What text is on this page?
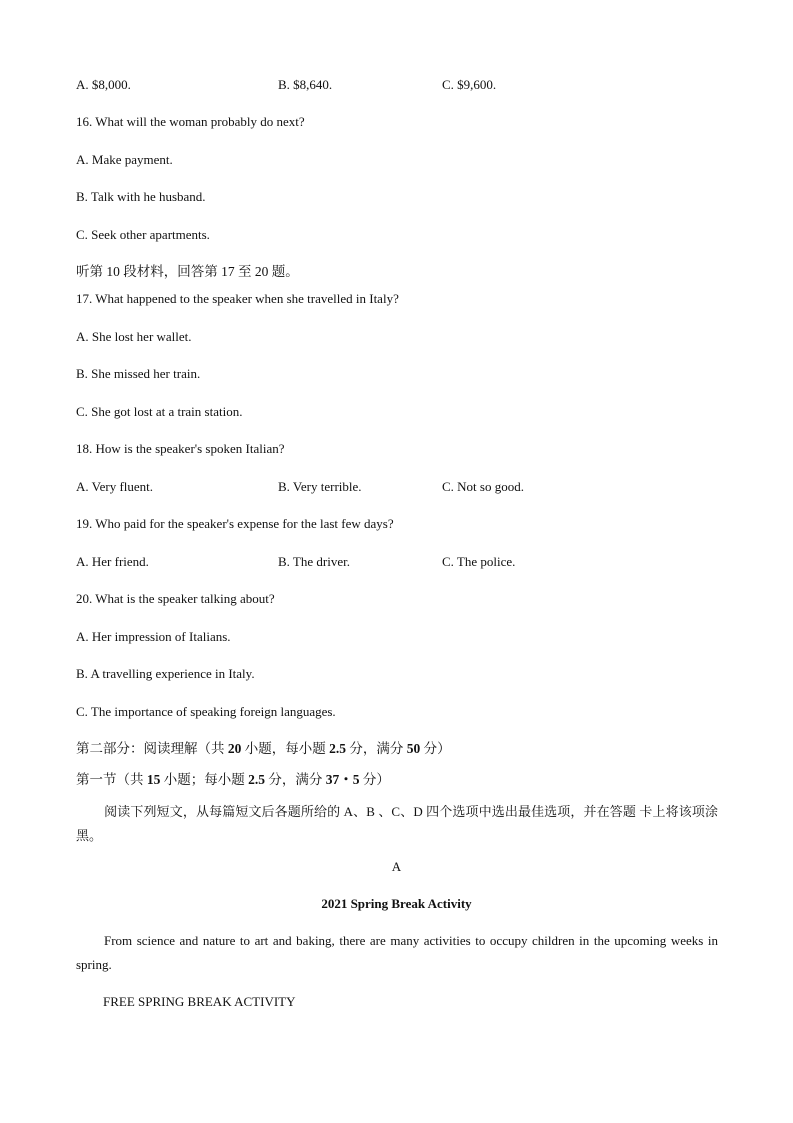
A. $8,000.	B. $8,640.	C. $9,600.
16. What will the woman probably do next?
A. Make payment.
B. Talk with he husband.
C. Seek other apartments.
听第 10 段材料，回答第 17 至 20 题。
17. What happened to the speaker when she travelled in Italy?
A. She lost her wallet.
B. She missed her train.
C. She got lost at a train station.
18. How is the speaker's spoken Italian?
A. Very fluent.	B. Very terrible.	C. Not so good.
19. Who paid for the speaker's expense for the last few days?
A. Her friend.	B. The driver.	C. The police.
20. What is the speaker talking about?
A. Her impression of Italians.
B. A travelling experience in Italy.
C. The importance of speaking foreign languages.
第二部分：阅读理解（共 20 小题，每小题 2.5 分，满分 50 分）
第一节（共 15 小题；每小题 2.5 分，满分 37・5 分）
阅读下列短文，从每篇短文后各题所给的 A、B 、C、D 四个选项中选出最佳选项，并在答题 卡上将该项涂黑。
A
2021 Spring Break Activity
From science and nature to art and baking, there are many activities to occupy children in the upcoming weeks in spring.
FREE SPRING BREAK ACTIVITY
